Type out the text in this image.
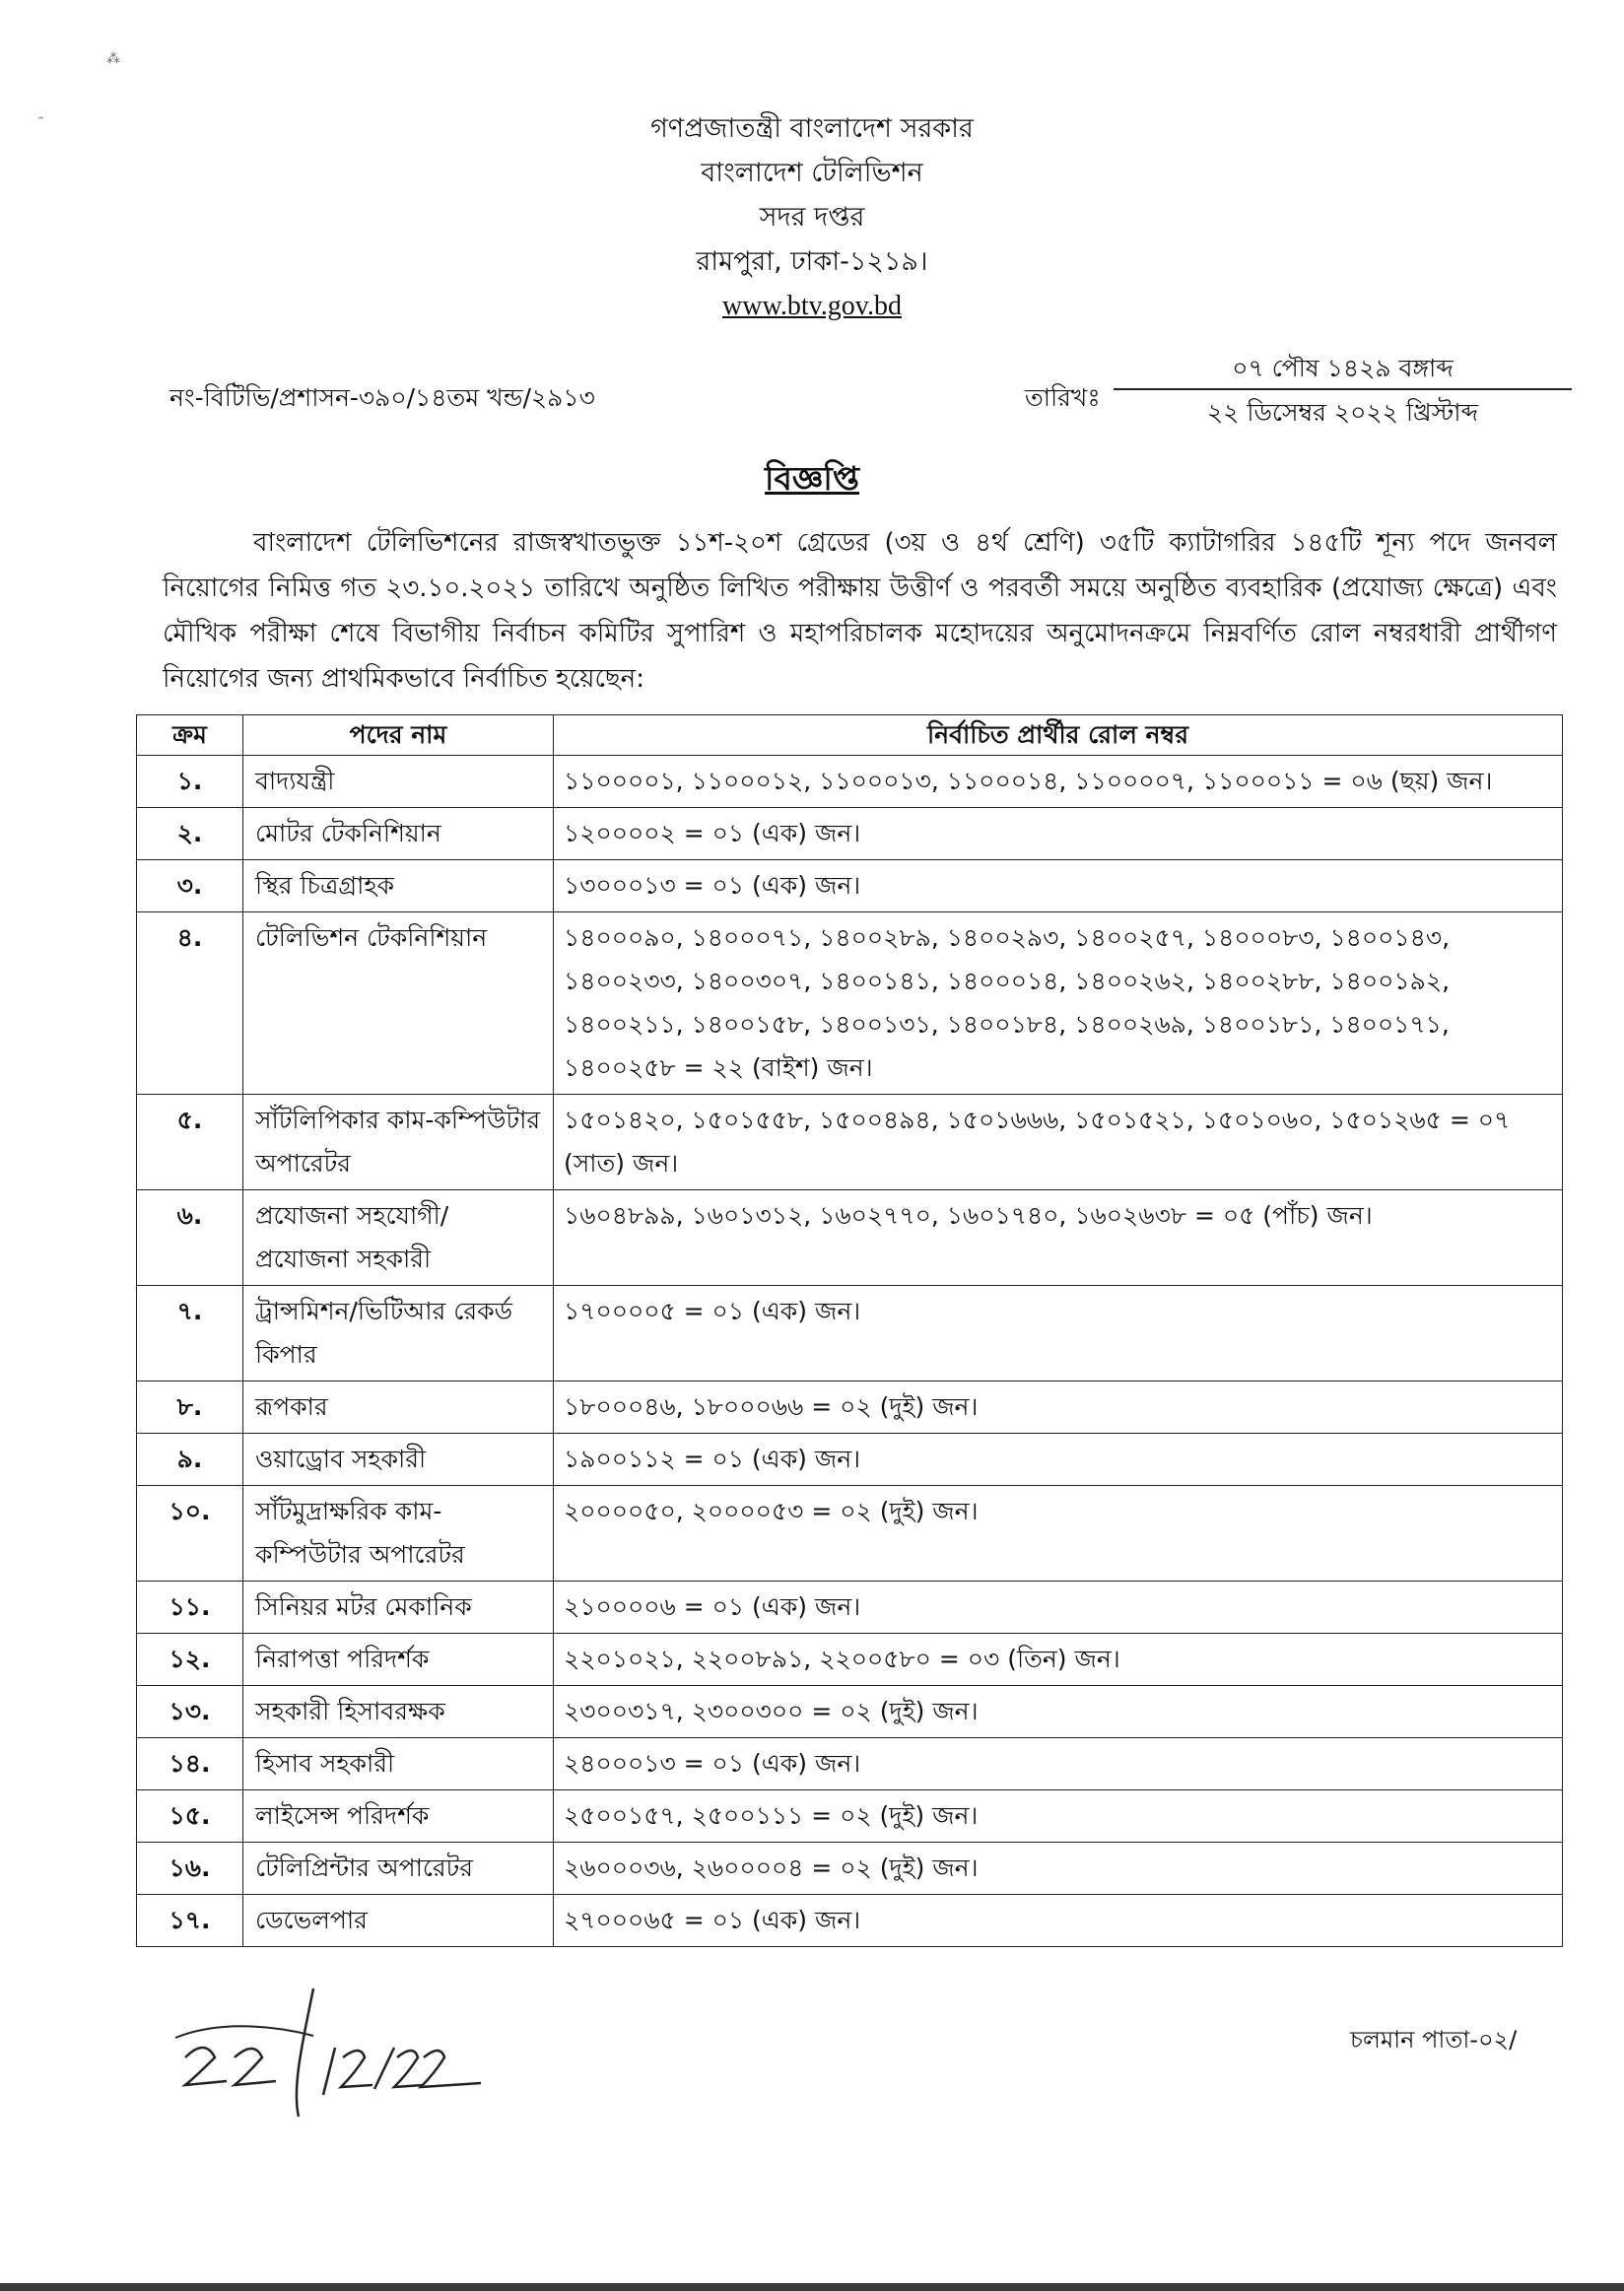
⁂
˷
গণপ্রজাতন্ত্রী বাংলাদেশ সরকার
বাংলাদেশ টেলিভিশন
সদর দপ্তর
রামপুরা, ঢাকা-১২১৯।
www.btv.gov.bd
নং-বিটিভি/প্রশাসন-৩৯০/১৪তম খন্ড/২৯১৩	তারিখঃ
০৭ পৌষ ১৪২৯ বঙ্গাব্দ
২২ ডিসেম্বর ২০২২ খ্রিস্টাব্দ
বিজ্ঞপ্তি

বাংলাদেশ টেলিভিশনের রাজস্বখাতভুক্ত ১১শ-২০শ গ্রেডের (৩য় ও ৪র্থ শ্রেণি) ৩৫টি ক্যাটাগরির ১৪৫টি শূন্য পদে জনবল নিয়োগের নিমিত্ত গত ২৩.১০.২০২১ তারিখে অনুষ্ঠিত লিখিত পরীক্ষায় উত্তীর্ণ ও পরবর্তী সময়ে অনুষ্ঠিত ব্যবহারিক (প্রযোজ্য ক্ষেত্রে) এবং মৌখিক পরীক্ষা শেষে বিভাগীয় নির্বাচন কমিটির সুপারিশ ও মহাপরিচালক মহোদয়ের অনুমোদনক্রমে নিম্নবর্ণিত রোল নম্বরধারী প্রার্থীগণ নিয়োগের জন্য প্রাথমিকভাবে নির্বাচিত হয়েছেন:

ক্রম	পদের নাম	নির্বাচিত প্রার্থীর রোল নম্বর
১.	বাদ্যযন্ত্রী	১১০০০০১, ১১০০০১২, ১১০০০১৩, ১১০০০১৪, ১১০০০০৭, ১১০০০১১ = ০৬ (ছয়) জন।
২.	মোটর টেকনিশিয়ান	১২০০০০২ = ০১ (এক) জন।
৩.	স্থির চিত্রগ্রাহক	১৩০০০১৩ = ০১ (এক) জন।
৪.	টেলিভিশন টেকনিশিয়ান	১৪০০০৯০, ১৪০০০৭১, ১৪০০২৮৯, ১৪০০২৯৩, ১৪০০২৫৭, ১৪০০০৮৩, ১৪০০১৪৩, ১৪০০২৩৩, ১৪০০৩০৭, ১৪০০১৪১, ১৪০০০১৪, ১৪০০২৬২, ১৪০০২৮৮, ১৪০০১৯২, ১৪০০২১১, ১৪০০১৫৮, ১৪০০১৩১, ১৪০০১৮৪, ১৪০০২৬৯, ১৪০০১৮১, ১৪০০১৭১, ১৪০০২৫৮ = ২২ (বাইশ) জন।
৫.	সাঁটলিপিকার কাম-কম্পিউটার অপারেটর	১৫০১৪২০, ১৫০১৫৫৮, ১৫০০৪৯৪, ১৫০১৬৬৬, ১৫০১৫২১, ১৫০১০৬০, ১৫০১২৬৫ = ০৭ (সাত) জন।
৬.	প্রযোজনা সহযোগী/ প্রযোজনা সহকারী	১৬০৪৮৯৯, ১৬০১৩১২, ১৬০২৭৭০, ১৬০১৭৪০, ১৬০২৬৩৮ = ০৫ (পাঁচ) জন।
৭.	ট্রান্সমিশন/ভিটিআর রেকর্ড কিপার	১৭০০০০৫ = ০১ (এক) জন।
৮.	রূপকার	১৮০০০৪৬, ১৮০০০৬৬ = ০২ (দুই) জন।
৯.	ওয়াড্রোব সহকারী	১৯০০১১২ = ০১ (এক) জন।
১০.	সাঁটমুদ্রাক্ষরিক কাম-কম্পিউটার অপারেটর	২০০০০৫০, ২০০০০৫৩ = ০২ (দুই) জন।
১১.	সিনিয়র মটর মেকানিক	২১০০০০৬ = ০১ (এক) জন।
১২.	নিরাপত্তা পরিদর্শক	২২০১০২১, ২২০০৮৯১, ২২০০৫৮০ = ০৩ (তিন) জন।
১৩.	সহকারী হিসাবরক্ষক	২৩০০৩১৭, ২৩০০৩০০ = ০২ (দুই) জন।
১৪.	হিসাব সহকারী	২৪০০০১৩ = ০১ (এক) জন।
১৫.	লাইসেন্স পরিদর্শক	২৫০০১৫৭, ২৫০০১১১ = ০২ (দুই) জন।
১৬.	টেলিপ্রিন্টার অপারেটর	২৬০০০৩৬, ২৬০০০০৪ = ০২ (দুই) জন।
১৭.	ডেভেলপার	২৭০০০৬৫ = ০১ (এক) জন।
চলমান পাতা-০২/
